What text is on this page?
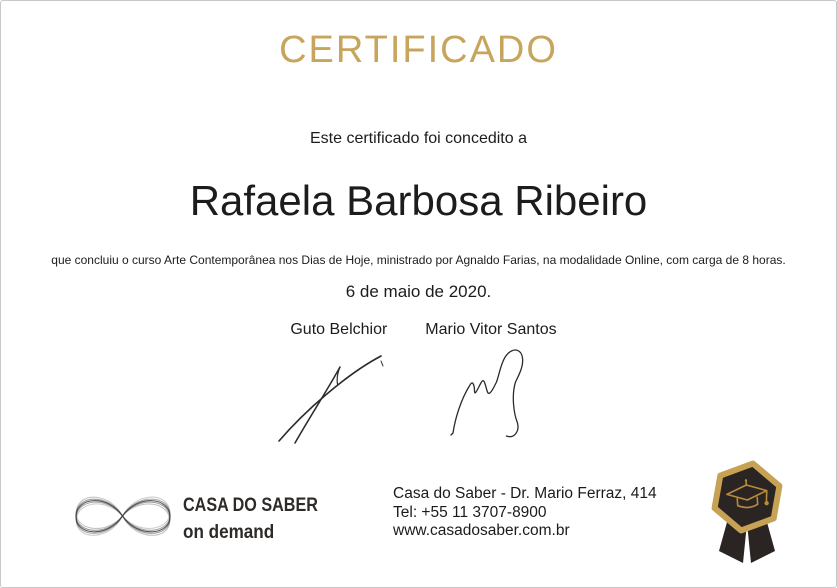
CERTIFICADO
Este certificado foi concedito a
Rafaela Barbosa Ribeiro
que concluiu o curso Arte Contemporânea nos Dias de Hoje, ministrado por Agnaldo Farias, na modalidade Online, com carga de 8 horas.
6 de maio de 2020.
Guto Belchior Mario Vitor Santos
CASA DO SABER
on demand
Casa do Saber - Dr. Mario Ferraz, 414
Tel: +55 11 3707-8900
www.casadosaber.com.br
